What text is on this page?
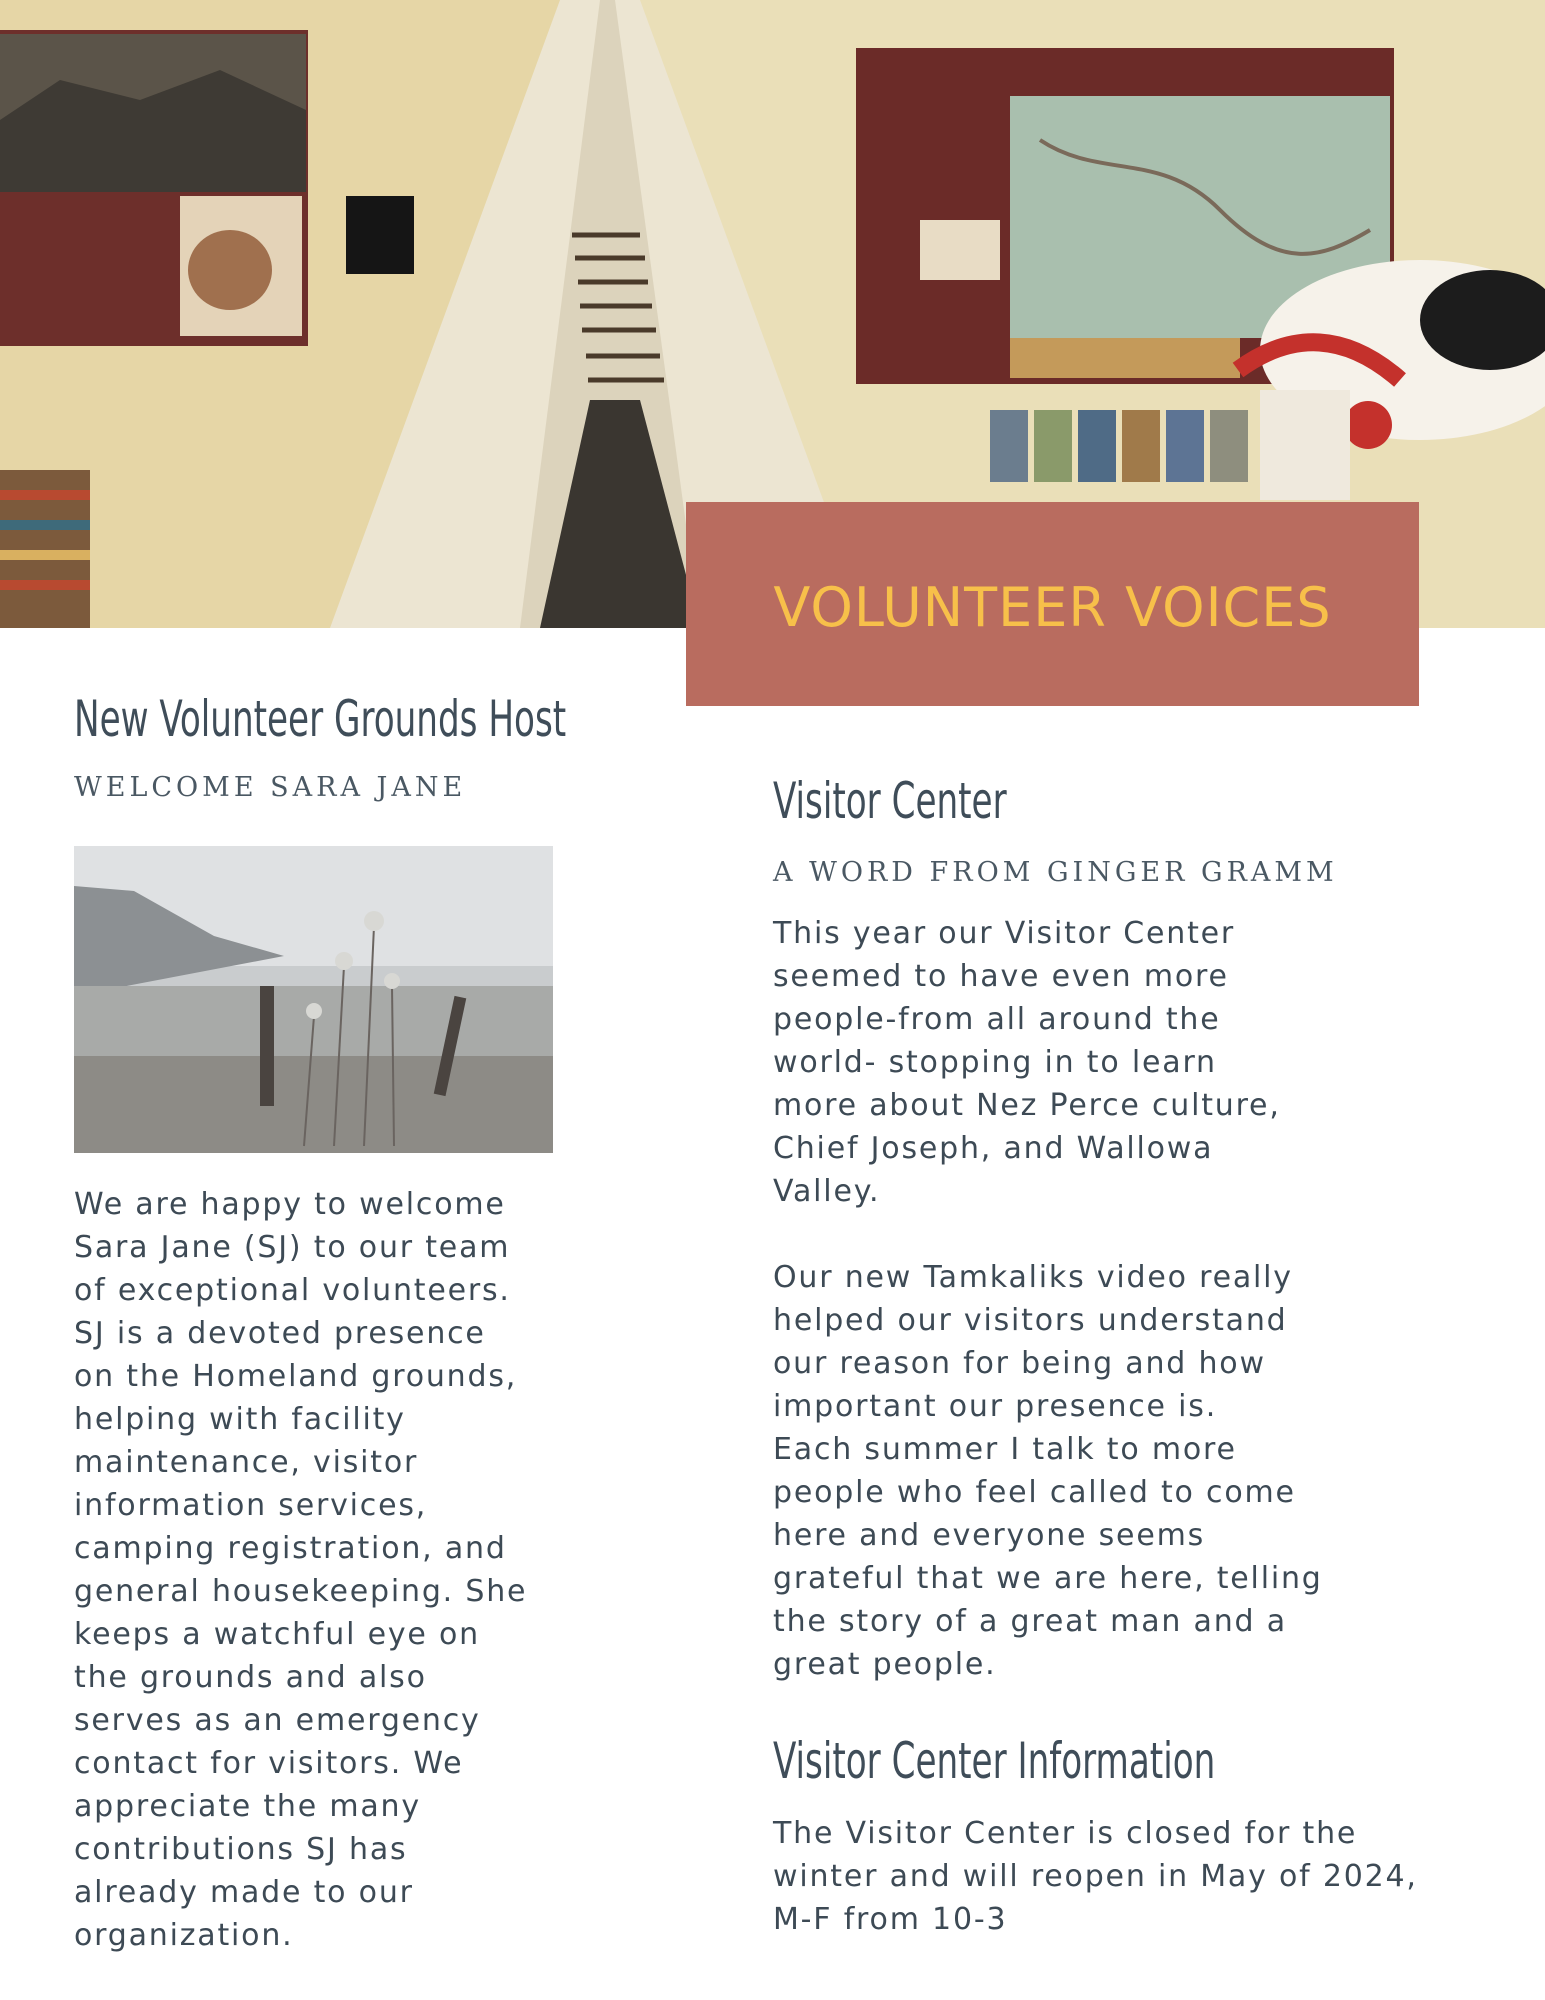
VOLUNTEER VOICES
New Volunteer Grounds Host

WELCOME SARA JANE

We are happy to welcome
Sara Jane (SJ) to our team
of exceptional volunteers.
SJ is a devoted presence
on the Homeland grounds,
helping with facility
maintenance, visitor
information services,
camping registration, and
general housekeeping. She
keeps a watchful eye on
the grounds and also
serves as an emergency
contact for visitors. We
appreciate the many
contributions SJ has
already made to our
organization.

Visitor Center

A WORD FROM GINGER GRAMM

This year our Visitor Center
seemed to have even more
people-from all around the
world- stopping in to learn
more about Nez Perce culture,
Chief Joseph, and Wallowa
Valley.

Our new Tamkaliks video really
helped our visitors understand
our reason for being and how
important our presence is.
Each summer I talk to more
people who feel called to come
here and everyone seems
grateful that we are here, telling
the story of a great man and a
great people.

Visitor Center Information

The Visitor Center is closed for the
winter and will reopen in May of 2024,
M-F from 10-3
